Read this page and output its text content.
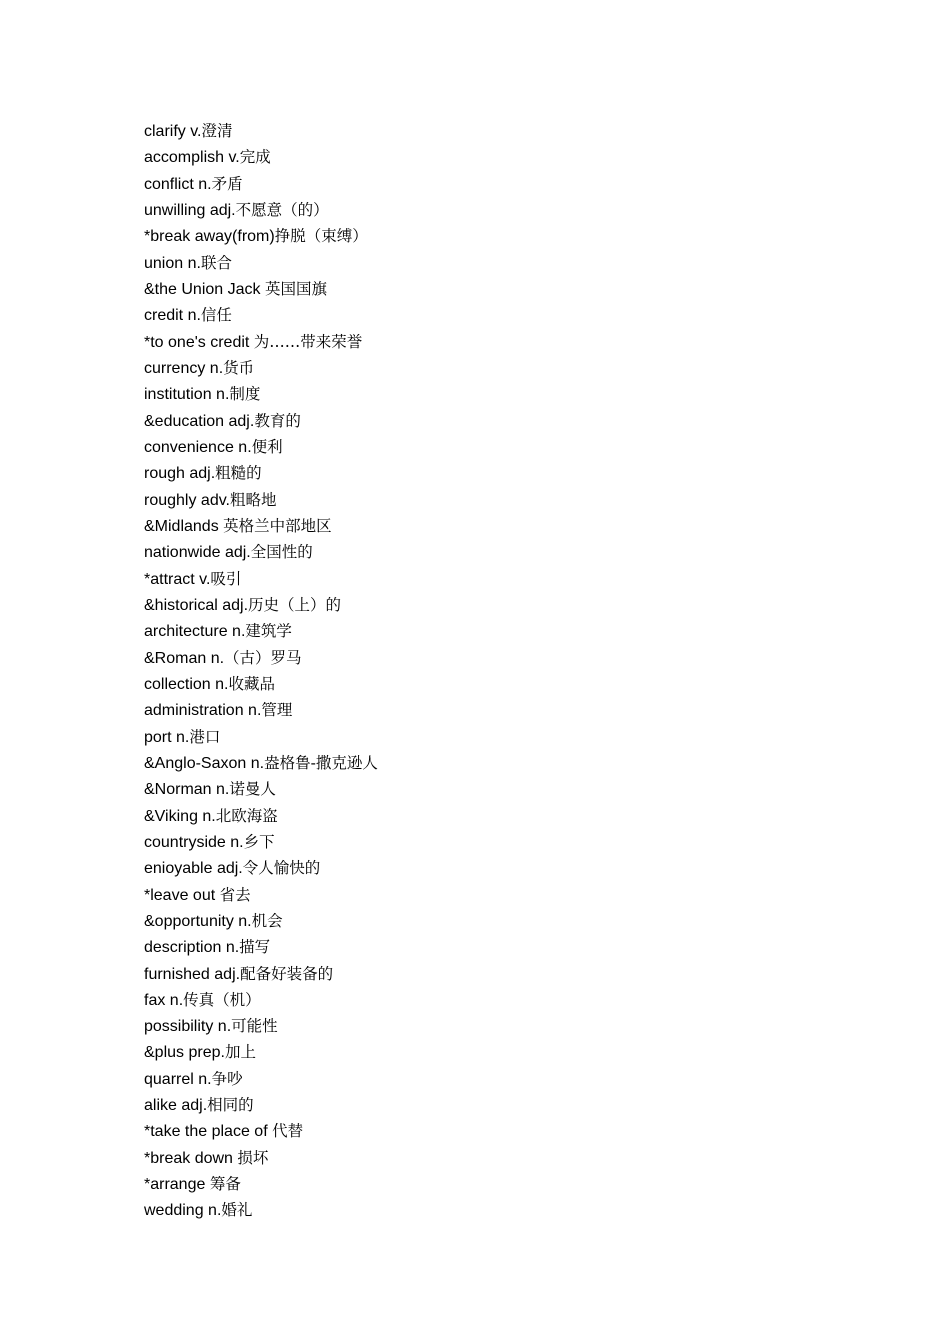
clarify v.澄清
accomplish v.完成
conflict n.矛盾
unwilling adj.不愿意（的）
*break away(from)挣脱（束缚）
union n.联合
&the Union Jack 英国国旗
credit n.信任
*to one's credit 为……带来荣誉
currency n.货币
institution n.制度
&education adj.教育的
convenience n.便利
rough adj.粗糙的
roughly adv.粗略地
&Midlands 英格兰中部地区
nationwide adj.全国性的
*attract v.吸引
&historical adj.历史（上）的
architecture n.建筑学
&Roman n.（古）罗马
collection n.收藏品
administration n.管理
port n.港口
&Anglo-Saxon n.盎格鲁-撒克逊人
&Norman n.诺曼人
&Viking n.北欧海盗
countryside n.乡下
enioyable adj.令人愉快的
*leave out 省去
&opportunity n.机会
description n.描写
furnished adj.配备好装备的
fax n.传真（机）
possibility n.可能性
&plus prep.加上
quarrel n.争吵
alike adj.相同的
*take the place of 代替
*break down 损坏
*arrange 筹备
wedding n.婚礼
